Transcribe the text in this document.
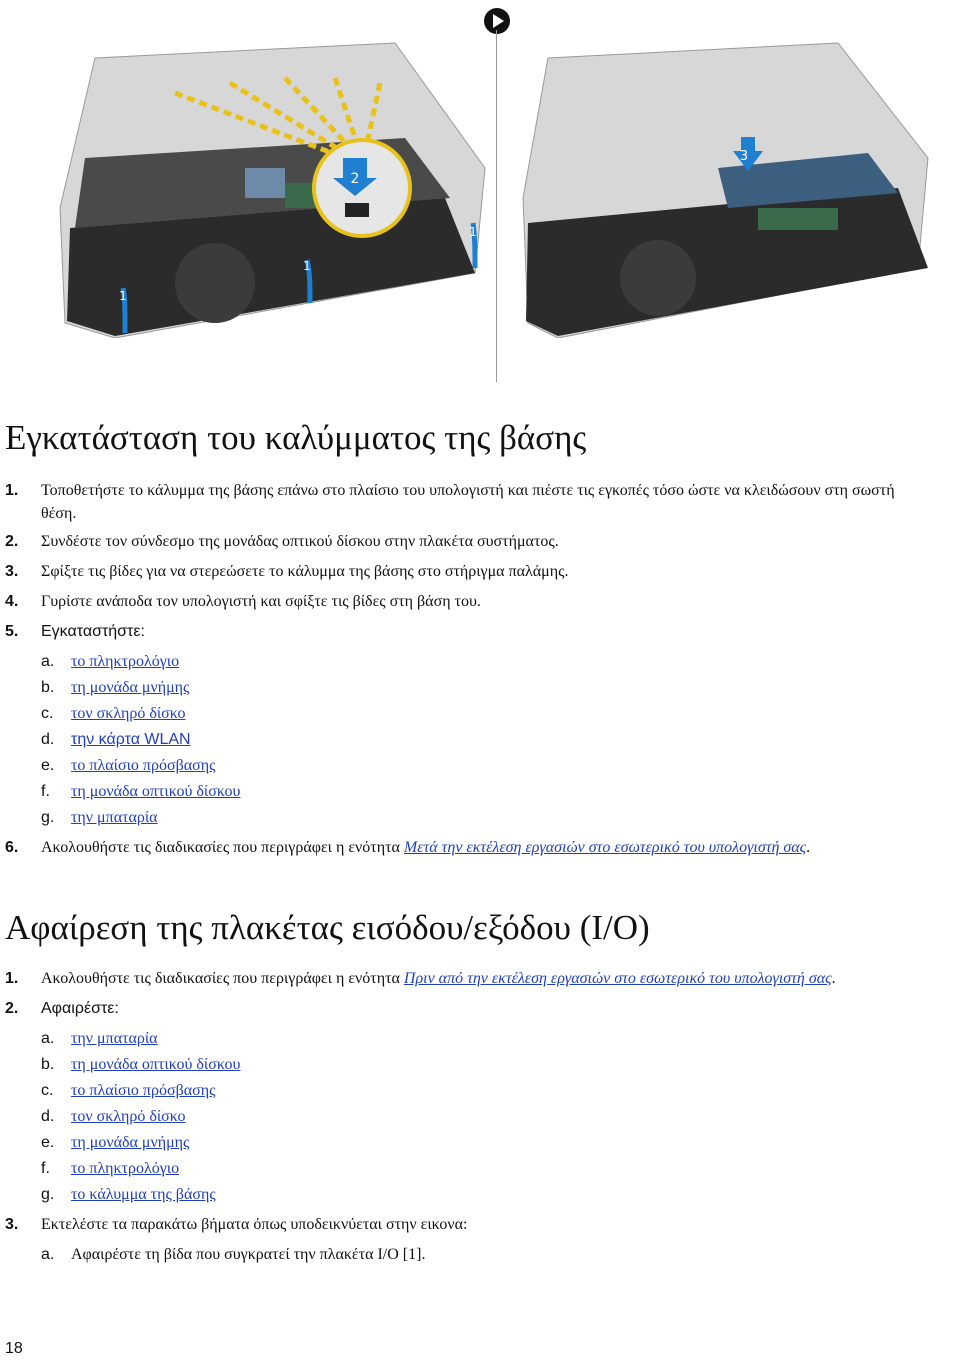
2
1
1
1
3
Εγκατάσταση του καλύμματος της βάσης
1.	Τοποθετήστε το κάλυμμα της βάσης επάνω στο πλαίσιο του υπολογιστή και πιέστε τις εγκοπές τόσο ώστε να κλειδώσουν στη σωστή θέση.
2.	Συνδέστε τον σύνδεσμο της μονάδας οπτικού δίσκου στην πλακέτα συστήματος.
3.	Σφίξτε τις βίδες για να στερεώσετε το κάλυμμα της βάσης στο στήριγμα παλάμης.
4.	Γυρίστε ανάποδα τον υπολογιστή και σφίξτε τις βίδες στη βάση του.
5.	Εγκαταστήστε:
a.	το πληκτρολόγιο
b.	τη μονάδα μνήμης
c.	τον σκληρό δίσκο
d.	την κάρτα WLAN
e.	το πλαίσιο πρόσβασης
f.	τη μονάδα οπτικού δίσκου
g.	την μπαταρία
6.	Ακολουθήστε τις διαδικασίες που περιγράφει η ενότητα Μετά την εκτέλεση εργασιών στο εσωτερικό του υπολογιστή σας.
Αφαίρεση της πλακέτας εισόδου/εξόδου (I/O)
1.	Ακολουθήστε τις διαδικασίες που περιγράφει η ενότητα Πριν από την εκτέλεση εργασιών στο εσωτερικό του υπολογιστή σας.
2.	Αφαιρέστε:
a.	την μπαταρία
b.	τη μονάδα οπτικού δίσκου
c.	το πλαίσιο πρόσβασης
d.	τον σκληρό δίσκο
e.	τη μονάδα μνήμης
f.	το πληκτρολόγιο
g.	το κάλυμμα της βάσης
3.	Εκτελέστε τα παρακάτω βήματα όπως υποδεικνύεται στην εικονα:
a.	Αφαιρέστε τη βίδα που συγκρατεί την πλακέτα I/O [1].
18
